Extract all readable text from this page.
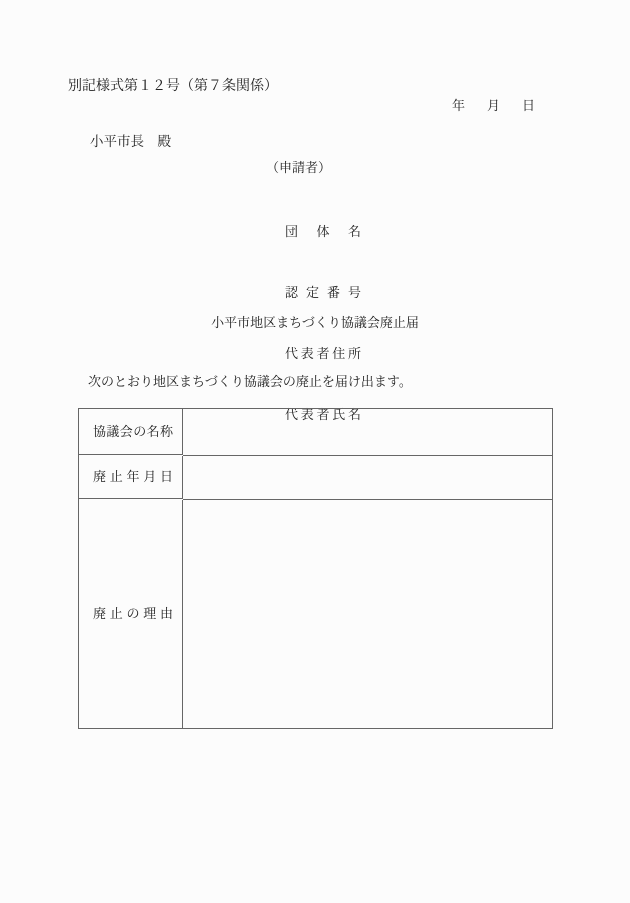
別記様式第１２号（第７条関係）
年 月 日
小平市長　殿
（申請者）

団体名

認定番号

代表者住所

代表者氏名

小平市地区まちづくり協議会廃止届
次のとおり地区まちづくり協議会の廃止を届け出ます。
協議会の名称
廃止年月日
廃止の理由
